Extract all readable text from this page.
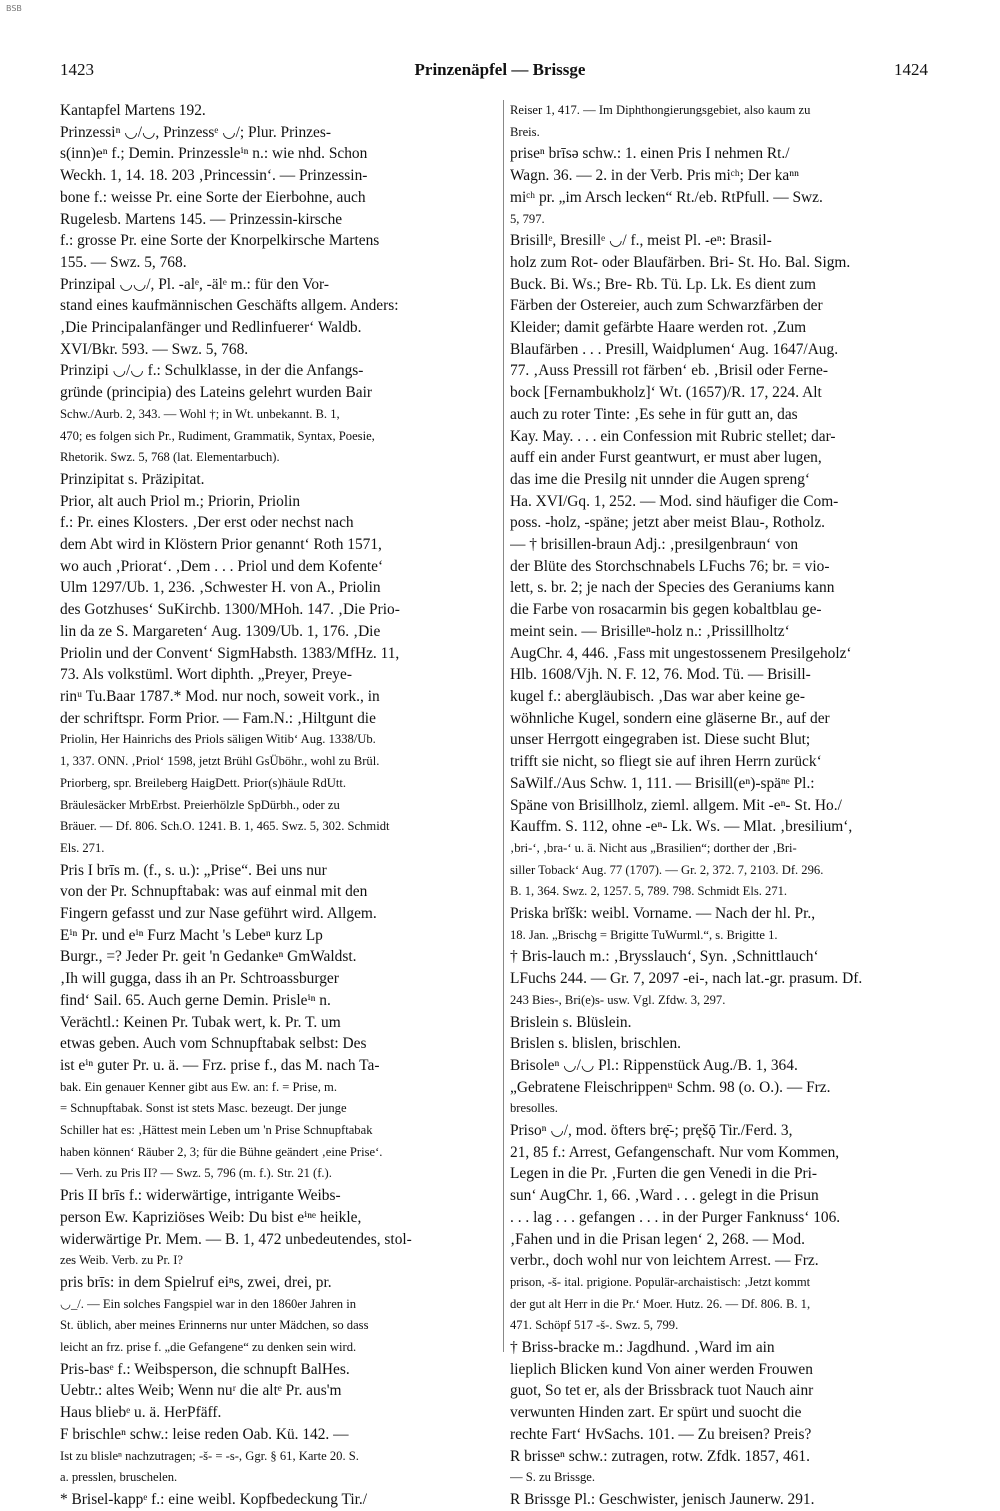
BSB
1423	Prinzenäpfel — Brissge	1424
Kantapfel Martens 192.
Prinzessiⁿ ◡/◡, Prinzessᵉ ◡/; Plur. Prinzes-
s(inn)eⁿ f.; Demin. Prinzessleⁱⁿ n.: wie nhd. Schon
Weckh. 1, 14. 18. 203 ‚Princessin‘. — Prinzessin-
bone f.: weisse Pr. eine Sorte der Eierbohne, auch
Rugelesb. Martens 145. — Prinzessin-kirsche
f.: grosse Pr. eine Sorte der Knorpelkirsche Martens
155. — Swz. 5, 768.
Prinzipal ◡◡/, Pl. -alᵉ, -älᵉ m.: für den Vor-
stand eines kaufmännischen Geschäfts allgem. Anders:
‚Die Principalanfänger und Redlinfuerer‘ Waldb.
XVI/Bkr. 593. — Swz. 5, 768.
Prinzipi ◡/◡ f.: Schulklasse, in der die Anfangs-
gründe (principia) des Lateins gelehrt wurden Bair
Schw./Aurb. 2, 343. — Wohl †; in Wt. unbekannt. B. 1,
470; es folgen sich Pr., Rudiment, Grammatik, Syntax, Poesie,
Rhetorik. Swz. 5, 768 (lat. Elementarbuch).
Prinzipitat s. Präzipitat.
Prior, alt auch Priol m.; Priorin, Priolin
f.: Pr. eines Klosters. ‚Der erst oder nechst nach
dem Abt wird in Klöstern Prior genannt‘ Roth 1571,
wo auch ‚Priorat‘. ‚Dem . . . Priol und dem Kofente‘
Ulm 1297/Ub. 1, 236. ‚Schwester H. von A., Priolin
des Gotzhuses‘ SuKirchb. 1300/MHoh. 147. ‚Die Prio-
lin da ze S. Margareten‘ Aug. 1309/Ub. 1, 176. ‚Die
Priolin und der Convent‘ SigmHabsth. 1383/MfHz. 11,
73. Als volkstüml. Wort diphth. „Preyer, Preye-
rinᵘ Tu.Baar 1787.* Mod. nur noch, soweit vork., in
der schriftspr. Form Prior. — Fam.N.: ‚Hiltgunt die
Priolin, Her Hainrichs des Priols säligen Witib‘ Aug. 1338/Ub.
1, 337. ONN. ‚Priol‘ 1598, jetzt Brühl GsÜböhr., wohl zu Brül.
Priorberg, spr. Breileberg HaigDett. Prior(s)häule RdUtt.
Bräulesäcker MrbErbst. Preierhölzle SpDürbh., oder zu
Bräuer. — Df. 806. Sch.O. 1241. B. 1, 465. Swz. 5, 302. Schmidt
Els. 271.
Pris I brīs m. (f., s. u.): „Prise“. Bei uns nur
von der Pr. Schnupftabak: was auf einmal mit den
Fingern gefasst und zur Nase geführt wird. Allgem.
Eⁱⁿ Pr. und eⁱⁿ Furz Macht 's Lebeⁿ kurz Lp
Burgr., =? Jeder Pr. geit 'n Gedankeⁿ GmWaldst.
‚Ih will gugga, dass ih an Pr. Schtroassburger
find‘ Sail. 65. Auch gerne Demin. Prisleⁱⁿ n.
Verächtl.: Keinen Pr. Tubak wert, k. Pr. T. um
etwas geben. Auch vom Schnupftabak selbst: Des
ist eⁱⁿ guter Pr. u. ä. — Frz. prise f., das M. nach Ta-
bak. Ein genauer Kenner gibt aus Ew. an: f. = Prise, m.
= Schnupftabak. Sonst ist stets Masc. bezeugt. Der junge
Schiller hat es: ‚Hättest mein Leben um 'n Prise Schnupftabak
haben können‘ Räuber 2, 3; für die Bühne geändert ‚eine Prise‘.
— Verh. zu Pris II? — Swz. 5, 796 (m. f.). Str. 21 (f.).
Pris II brīs f.: widerwärtige, intrigante Weibs-
person Ew. Kapriziöses Weib: Du bist eⁱⁿᵉ heikle,
widerwärtige Pr. Mem. — B. 1, 472 unbedeutendes, stol-
zes Weib. Verb. zu Pr. I?
pris brīs: in dem Spielruf eiⁿs, zwei, drei, pr.
◡_/. — Ein solches Fangspiel war in den 1860er Jahren in
St. üblich, aber meines Erinnerns nur unter Mädchen, so dass
leicht an frz. prise f. „die Gefangene“ zu denken sein wird.
Pris-basᵉ f.: Weibsperson, die schnupft BalHes.
Uebtr.: altes Weib; Wenn nuʳ die altᵉ Pr. aus'm
Haus bliebᵉ u. ä. HerPfäff.
F brischleⁿ schw.: leise reden Oab. Kü. 142. —
Ist zu blisleⁿ nachzutragen; -š- = -s-, Ggr. § 61, Karte 20. S.
a. presslen, bruschelen.
* Brisel-kappᵉ f.: eine weibl. Kopfbedeckung Tir./
Reiser 1, 417. — Im Diphthongierungsgebiet, also kaum zu
Breis.
priseⁿ brīsə schw.: 1. einen Pris I nehmen Rt./
Wagn. 36. — 2. in der Verb. Pris miᶜʰ; Der kaⁿⁿ
miᶜʰ pr. „im Arsch lecken“ Rt./eb. RtPfull. — Swz.
5, 797.
Brisillᵉ, Bresillᵉ ◡/ f., meist Pl. -eⁿ: Brasil-
holz zum Rot- oder Blaufärben. Bri- St. Ho. Bal. Sigm.
Buck. Bi. Ws.; Bre- Rb. Tü. Lp. Lk. Es dient zum
Färben der Ostereier, auch zum Schwarzfärben der
Kleider; damit gefärbte Haare werden rot. ‚Zum
Blaufärben . . . Presill, Waidplumen‘ Aug. 1647/Aug.
77. ‚Auss Pressill rot färben‘ eb. ‚Brisil oder Ferne-
bock [Fernambukholz]‘ Wt. (1657)/R. 17, 224. Alt
auch zu roter Tinte: ‚Es sehe in für gutt an, das
Kay. May. . . . ein Confession mit Rubric stellet; dar-
auff ein ander Furst geantwurt, er must aber lugen,
das ime die Presilg nit unnder die Augen spreng‘
Ha. XVI/Gq. 1, 252. — Mod. sind häufiger die Com-
poss. -holz, -späne; jetzt aber meist Blau-, Rotholz.
— † brisillen-braun Adj.: ‚presilgenbraun‘ von
der Blüte des Storchschnabels LFuchs 76; br. = vio-
lett, s. br. 2; je nach der Species des Geraniums kann
die Farbe von rosacarmin bis gegen kobaltblau ge-
meint sein. — Brisilleⁿ-holz n.: ‚Prissillholtz‘
AugChr. 4, 446. ‚Fass mit ungestossenem Presilgeholz‘
Hlb. 1608/Vjh. N. F. 12, 76. Mod. Tü. — Brisill-
kugel f.: abergläubisch. ‚Das war aber keine ge-
wöhnliche Kugel, sondern eine gläserne Br., auf der
unser Herrgott eingegraben ist. Diese sucht Blut;
trifft sie nicht, so fliegt sie auf ihren Herrn zurück‘
SaWilf./Aus Schw. 1, 111. — Brisill(eⁿ)-späⁿᵉ Pl.:
Späne von Brisillholz, zieml. allgem. Mit -eⁿ- St. Ho./
Kauffm. S. 112, ohne -eⁿ- Lk. Ws. — Mlat. ‚bresilium‘,
‚bri-‘, ‚bra-‘ u. ä. Nicht aus „Brasilien“; dorther der ‚Bri-
siller Toback‘ Aug. 77 (1707). — Gr. 2, 372. 7, 2103. Df. 296.
B. 1, 364. Swz. 2, 1257. 5, 789. 798. Schmidt Els. 271.
Priska brĭšk: weibl. Vorname. — Nach der hl. Pr.,
18. Jan. „Brischg = Brigitte TuWurml.“, s. Brigitte 1.
† Bris-lauch m.: ‚Brysslauch‘, Syn. ‚Schnittlauch‘
LFuchs 244. — Gr. 7, 2097 -ei-, nach lat.-gr. prasum. Df.
243 Bies-, Bri(e)s- usw. Vgl. Zfdw. 3, 297.
Brislein s. Blüslein.
Brislen s. blislen, brischlen.
Brisoleⁿ ◡/◡ Pl.: Rippenstück Aug./B. 1, 364.
„Gebratene Fleischrippenᵘ Schm. 98 (o. O.). — Frz.
bresolles.
Prisoⁿ ◡/, mod. öfters brę̄-; pręšǭ Tir./Ferd. 3,
21, 85 f.: Arrest, Gefangenschaft. Nur vom Kommen,
Legen in die Pr. ‚Furten die gen Venedi in die Pri-
sun‘ AugChr. 1, 66. ‚Ward . . . gelegt in die Prisun
. . . lag . . . gefangen . . . in der Purger Fanknuss‘ 106.
‚Fahen und in die Prisan legen‘ 2, 268. — Mod.
verbr., doch wohl nur von leichtem Arrest. — Frz.
prison, -š- ital. prigione. Populär-archaistisch: ‚Jetzt kommt
der gut alt Herr in die Pr.‘ Moer. Hutz. 26. — Df. 806. B. 1,
471. Schöpf 517 -š-. Swz. 5, 799.
† Briss-bracke m.: Jagdhund. ‚Ward im ain
lieplich Blicken kund Von ainer werden Frouwen
guot, So tet er, als der Brissbrack tuot Nauch ainr
verwunten Hinden zart. Er spürt und suocht die
rechte Fart‘ HvSachs. 101. — Zu breisen? Preis?
R brisseⁿ schw.: zutragen, rotw. Zfdk. 1857, 461.
— S. zu Brissge.
R Brissge Pl.: Geschwister, jenisch Jaunerw. 291.
